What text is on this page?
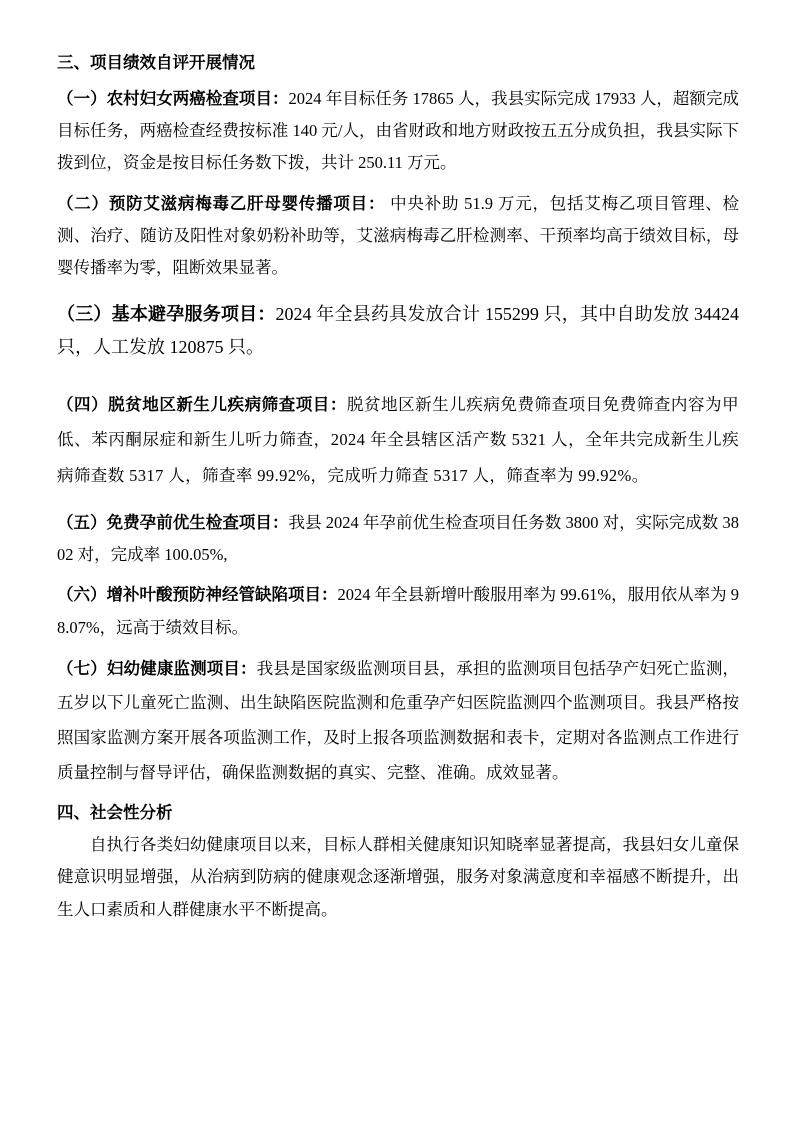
三、项目绩效自评开展情况

（一）农村妇女两癌检查项目：2024 年目标任务 17865 人，我县实际完成 17933 人，超额完成目标任务，两癌检查经费按标准 140 元/人，由省财政和地方财政按五五分成负担，我县实际下拨到位，资金是按目标任务数下拨，共计 250.11 万元。

（二）预防艾滋病梅毒乙肝母婴传播项目： 中央补助 51.9 万元，包括艾梅乙项目管理、检测、治疗、随访及阳性对象奶粉补助等，艾滋病梅毒乙肝检测率、干预率均高于绩效目标，母婴传播率为零，阻断效果显著。

（三）基本避孕服务项目：2024 年全县药具发放合计 155299 只，其中自助发放 34424 只，人工发放 120875 只。

（四）脱贫地区新生儿疾病筛查项目：脱贫地区新生儿疾病免费筛查项目免费筛查内容为甲低、苯丙酮尿症和新生儿听力筛查，2024 年全县辖区活产数 5321 人，全年共完成新生儿疾病筛查数 5317 人，筛查率 99.92%，完成听力筛查 5317 人，筛查率为 99.92%。

（五）免费孕前优生检查项目：我县 2024 年孕前优生检查项目任务数 3800 对，实际完成数 3802 对，完成率 100.05%,

（六）增补叶酸预防神经管缺陷项目：2024 年全县新增叶酸服用率为 99.61%，服用依从率为 98.07%，远高于绩效目标。

（七）妇幼健康监测项目：我县是国家级监测项目县，承担的监测项目包括孕产妇死亡监测，五岁以下儿童死亡监测、出生缺陷医院监测和危重孕产妇医院监测四个监测项目。我县严格按照国家监测方案开展各项监测工作，及时上报各项监测数据和表卡，定期对各监测点工作进行质量控制与督导评估，确保监测数据的真实、完整、准确。成效显著。

四、社会性分析

自执行各类妇幼健康项目以来，目标人群相关健康知识知晓率显著提高，我县妇女儿童保健意识明显增强，从治病到防病的健康观念逐渐增强，服务对象满意度和幸福感不断提升，出生人口素质和人群健康水平不断提高。
